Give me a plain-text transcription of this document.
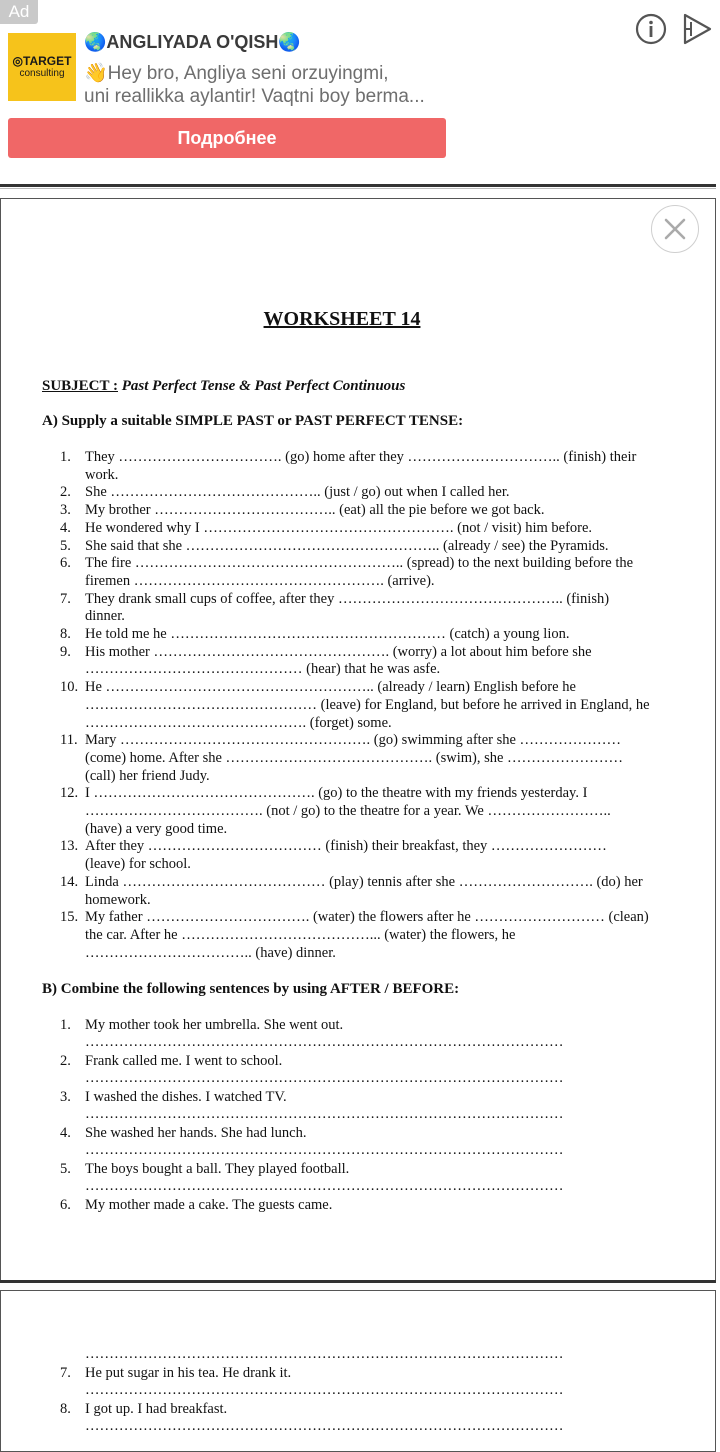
Ad
◎TARGET
consulting
🌏ANGLIYADA O'QISH🌏
👋Hey bro, Angliya seni orzuyingmi,
uni reallikka aylantir! Vaqtni boy berma...
Подробнее
WORKSHEET 14
SUBJECT : Past Perfect Tense & Past Perfect Continuous
A) Supply a suitable SIMPLE PAST or PAST PERFECT TENSE:
1. They ……………………………. (go) home after they ………………………….. (finish) their work.
2. She …………………………………….. (just / go) out when I called her.
3. My brother ……………………………….. (eat) all the pie before we got back.
4. He wondered why I ……………………………………………. (not / visit) him before.
5. She said that she …………………………………………….. (already / see) the Pyramids.
6. The fire ……………………………………………….. (spread) to the next building before the firemen ……………………………………………. (arrive).
7. They drank small cups of coffee, after they ……………………………………….. (finish) dinner.
8. He told me he ………………………………………………… (catch) a young lion.
9. His mother …………………………………………. (worry) a lot about him before she ……………………………………… (hear) that he was asfe.
10. He ……………………………………………….. (already / learn) English before he ………………………………………… (leave) for England, but before he arrived in England, he ………………………………………. (forget) some.
11. Mary ……………………………………………. (go) swimming after she ………………… (come) home. After she ……………………………………. (swim), she …………………… (call) her friend Judy.
12. I ………………………………………. (go) to the theatre with my friends yesterday. I ………………………………. (not / go) to the theatre for a year. We …………………….. (have) a very good time.
13. After they ……………………………… (finish) their breakfast, they …………………… (leave) for school.
14. Linda …………………………………… (play) tennis after she ………………………. (do) her homework.
15. My father ……………………………. (water) the flowers after he ……………………… (clean) the car. After he …………………………………... (water) the flowers, he …………………………….. (have) dinner.
B) Combine the following sentences by using AFTER / BEFORE:
1. My mother took her umbrella. She went out.
………………………………………………………………………………………
2. Frank called me. I went to school.
………………………………………………………………………………………
3. I washed the dishes. I watched TV.
………………………………………………………………………………………
4. She washed her hands. She had lunch.
………………………………………………………………………………………
5. The boys bought a ball. They played football.
………………………………………………………………………………………
6. My mother made a cake. The guests came.
………………………………………………………………………………………
7. He put sugar in his tea. He drank it.
………………………………………………………………………………………
8. I got up. I had breakfast.
………………………………………………………………………………………
